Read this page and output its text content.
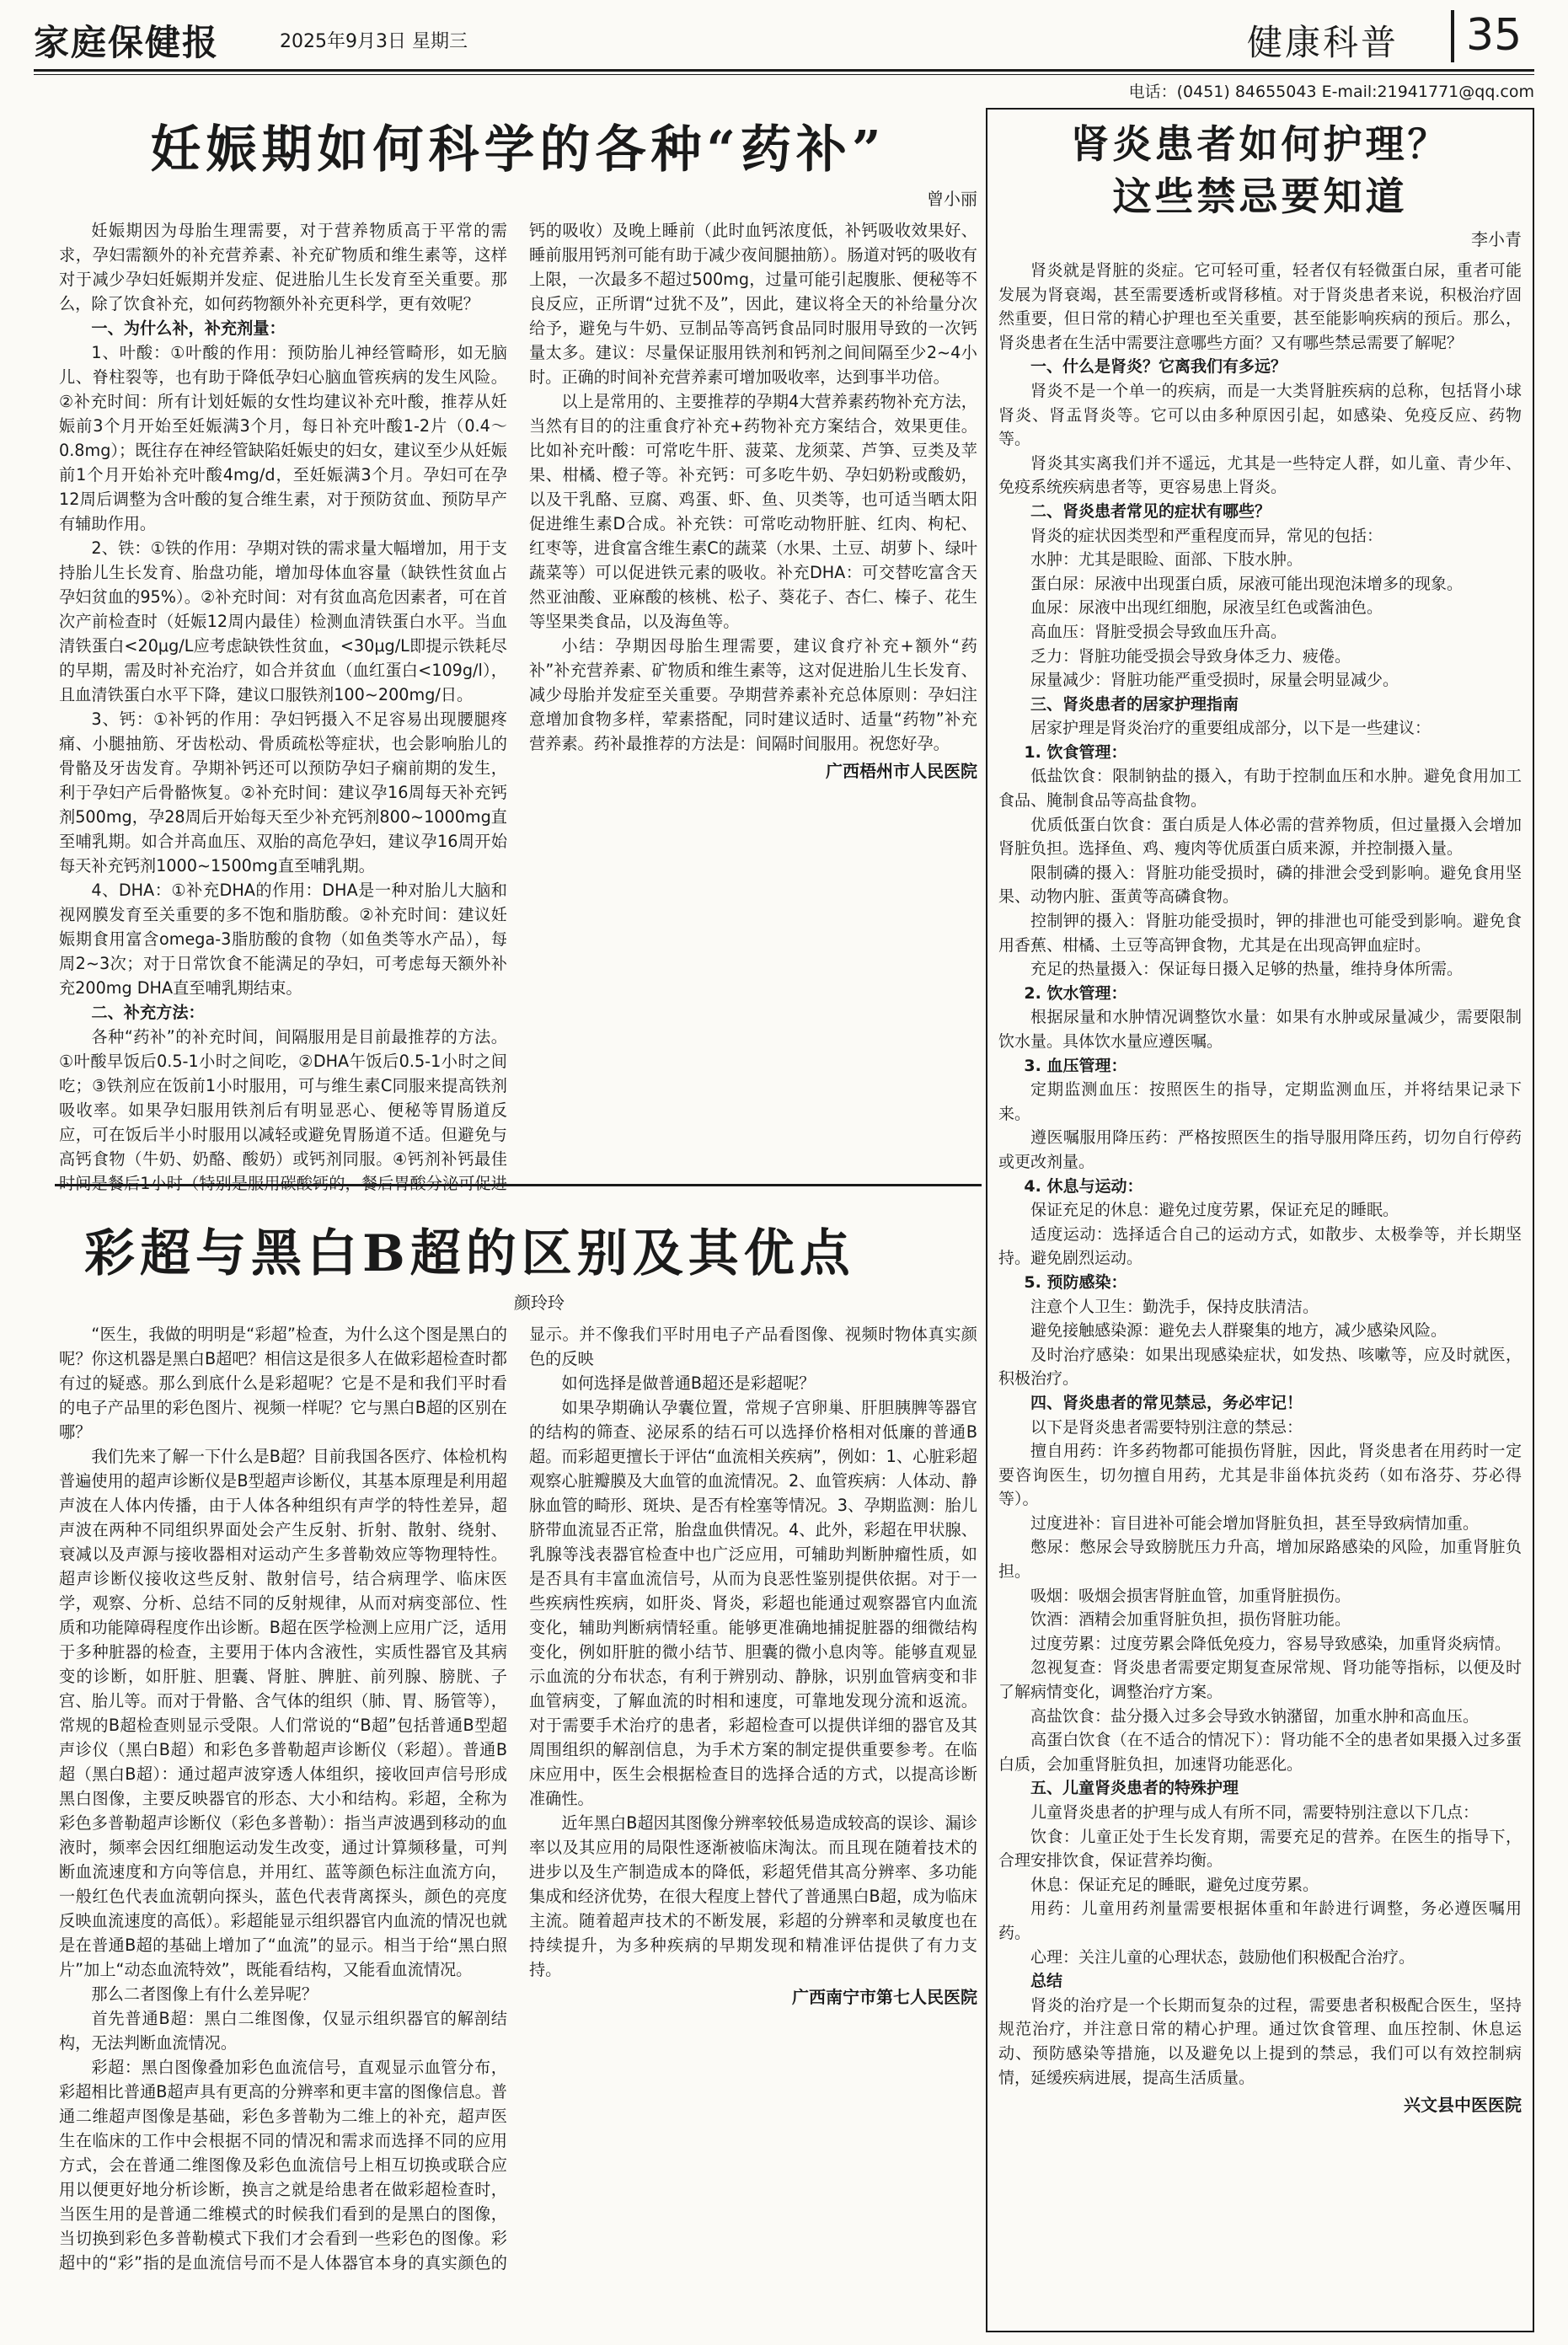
家庭保健报	2025年9月3日 星期三	健康科普 35
电话：(0451) 84655043 E-mail:21941771@qq.com
妊娠期如何科学的各种“药补”
曾小丽

妊娠期因为母胎生理需要，对于营养物质高于平常的需求，孕妇需额外的补充营养素、补充矿物质和维生素等，这样对于减少孕妇妊娠期并发症、促进胎儿生长发育至关重要。那么，除了饮食补充，如何药物额外补充更科学，更有效呢？

一、为什么补，补充剂量：

1、叶酸：①叶酸的作用：预防胎儿神经管畸形，如无脑儿、脊柱裂等，也有助于降低孕妇心脑血管疾病的发生风险。②补充时间：所有计划妊娠的女性均建议补充叶酸，推荐从妊娠前3个月开始至妊娠满3个月，每日补充叶酸1-2片（0.4～0.8mg）；既往存在神经管缺陷妊娠史的妇女，建议至少从妊娠前1个月开始补充叶酸4mg/d，至妊娠满3个月。孕妇可在孕12周后调整为含叶酸的复合维生素，对于预防贫血、预防早产有辅助作用。

2、铁：①铁的作用：孕期对铁的需求量大幅增加，用于支持胎儿生长发育、胎盘功能，增加母体血容量（缺铁性贫血占孕妇贫血的95%）。②补充时间：对有贫血高危因素者，可在首次产前检查时（妊娠12周内最佳）检测血清铁蛋白水平。当血清铁蛋白<20μg/L应考虑缺铁性贫血，<30μg/L即提示铁耗尽的早期，需及时补充治疗，如合并贫血（血红蛋白<109g/l），且血清铁蛋白水平下降，建议口服铁剂100~200mg/日。

3、钙：①补钙的作用：孕妇钙摄入不足容易出现腰腿疼痛、小腿抽筋、牙齿松动、骨质疏松等症状，也会影响胎儿的骨骼及牙齿发育。孕期补钙还可以预防孕妇子痫前期的发生，利于孕妇产后骨骼恢复。②补充时间：建议孕16周每天补充钙剂500mg，孕28周后开始每天至少补充钙剂800~1000mg直至哺乳期。如合并高血压、双胎的高危孕妇，建议孕16周开始每天补充钙剂1000~1500mg直至哺乳期。

4、DHA：①补充DHA的作用：DHA是一种对胎儿大脑和视网膜发育至关重要的多不饱和脂肪酸。②补充时间：建议妊娠期食用富含omega-3脂肪酸的食物（如鱼类等水产品），每周2~3次；对于日常饮食不能满足的孕妇，可考虑每天额外补充200mg DHA直至哺乳期结束。

二、补充方法：

各种“药补”的补充时间，间隔服用是目前最推荐的方法。①叶酸早饭后0.5-1小时之间吃，②DHA午饭后0.5-1小时之间吃；③铁剂应在饭前1小时服用，可与维生素C同服来提高铁剂吸收率。如果孕妇服用铁剂后有明显恶心、便秘等胃肠道反应，可在饭后半小时服用以减轻或避免胃肠道不适。但避免与高钙食物（牛奶、奶酪、酸奶）或钙剂同服。④钙剂补钙最佳 钙的吸收）及晚上睡前（此时血钙浓度低，补钙吸收效果好、睡前服用钙剂可能有助于减少夜间腿抽筋）。肠道对钙的吸收有上限，一次最多不超过500mg，过量可能引起腹胀、便秘等不良反应，正所谓“过犹不及”，因此，建议将全天的补给量分次给予，避免与牛奶、豆制品等高钙食品同时服用导致的一次钙量太多。建议：尽量保证服用铁剂和钙剂之间间隔至少2~4小时。正确的时间补充营养素可增加吸收率，达到事半功倍。

以上是常用的、主要推荐的孕期4大营养素药物补充方法，当然有目的的注重食疗补充+药物补充方案结合，效果更佳。比如补充叶酸：可常吃牛肝、菠菜、龙须菜、芦笋、豆类及苹果、柑橘、橙子等。补充钙：可多吃牛奶、孕妇奶粉或酸奶，以及干乳酪、豆腐、鸡蛋、虾、鱼、贝类等，也可适当晒太阳促进维生素D合成。补充铁：可常吃动物肝脏、红肉、枸杞、红枣等，进食富含维生素C的蔬菜（水果、土豆、胡萝卜、绿叶蔬菜等）可以促进铁元素的吸收。补充DHA：可交替吃富含天然亚油酸、亚麻酸的核桃、松子、葵花子、杏仁、榛子、花生等坚果类食品，以及海鱼等。

小结：孕期因母胎生理需要，建议食疗补充+额外“药补”补充营养素、矿物质和维生素等，这对促进胎儿生长发育、减少母胎并发症至关重要。孕期营养素补充总体原则：孕妇注意增加食物多样，荤素搭配，同时建议适时、适量“药物”补充营养素。药补最推荐的方法是：间隔时间服用。祝您好孕。

广西梧州市人民医院
彩超与黑白B超的区别及其优点
颜玲玲

“医生，我做的明明是“彩超”检查，为什么这个图是黑白的呢？你这机器是黑白B超吧？相信这是很多人在做彩超检查时都有过的疑惑。那么到底什么是彩超呢？它是不是和我们平时看的电子产品里的彩色图片、视频一样呢？它与黑白B超的区别在哪？

我们先来了解一下什么是B超？目前我国各医疗、体检机构普遍使用的超声诊断仪是B型超声诊断仪，其基本原理是利用超声波在人体内传播，由于人体各种组织有声学的特性差异，超声波在两种不同组织界面处会产生反射、折射、散射、绕射、衰减以及声源与接收器相对运动产生多普勒效应等物理特性。超声诊断仪接收这些反射、散射信号，结合病理学、临床医学，观察、分析、总结不同的反射规律，从而对病变部位、性质和功能障碍程度作出诊断。B超在医学检测上应用广泛，适用于多种脏器的检查，主要用于体内含液性，实质性器官及其病变的诊断，如肝脏、胆囊、肾脏、脾脏、前列腺、膀胱、子宫、胎儿等。而对于骨骼、含气体的组织（肺、胃、肠管等），常规的B超检查则显示受限。人们常说的“B超”包括普通B型超声诊仪（黑白B超）和彩色多普勒超声诊断仪（彩超）。普通B超（黑白B超）：通过超声波穿透人体组织，接收回声信号形成黑白图像，主要反映器官的形态、大小和结构。彩超，全称为彩色多普勒超声诊断仪（彩色多普勒）：指当声波遇到移动的血液时，频率会因红细胞运动发生改变，通过计算频移量，可判断血流速度和方向等信息，并用红、蓝等颜色标注血流方向，一般红色代表血流朝向探头，蓝色代表背离探头，颜色的亮度反映血流速度的高低）。彩超能显示组织器官内血流的情况也就是在普通B超的基础上增加了“血流”的显示。相当于给“黑白照片”加上“动态血流特效”，既能看结构，又能看血流情况。

那么二者图像上有什么差异呢？

首先普通B超：黑白二维图像，仅显示组织器官的解剖结构，无法判断血流情况。

彩超：黑白图像叠加彩色血流信号，直观显示血管分布，彩超相比普通B超声具有更高的分辨率和更丰富的图像信息。普通二维超声图像是基础，彩色多普勒为二维上的补充，超声医生在临床的工作中会根据不同的情况和需求而选择不同的应用方式，会在普通二维图像及彩色血流信号上相互切换或联合应用以便更好地分析诊断，换言之就是给患者在做彩超检查时，当医生用的是普通二维模式的时候我们看到的是黑白的图像，当切换到彩色多普勒模式下我们才会看到一些彩色的图像。彩超中的“彩”指的是血流信号而不是人体器官本身的真实颜色的显示。并不像我们平时用电子产品看图像、视频时物体真实颜色的反映

如何选择是做普通B超还是彩超呢？

如果孕期确认孕囊位置，常规子宫卵巢、肝胆胰脾等器官的结构的筛查、泌尿系的结石可以选择价格相对低廉的普通B超。而彩超更擅长于评估“血流相关疾病”，例如：1、心脏彩超观察心脏瓣膜及大血管的血流情况。2、血管疾病：人体动、静脉血管的畸形、斑块、是否有栓塞等情况。3、孕期监测：胎儿脐带血流显否正常，胎盘血供情况。4、此外，彩超在甲状腺、乳腺等浅表器官检查中也广泛应用，可辅助判断肿瘤性质，如是否具有丰富血流信号，从而为良恶性鉴别提供依据。对于一些疾病性疾病，如肝炎、肾炎，彩超也能通过观察器官内血流变化，辅助判断病情轻重。能够更准确地捕捉脏器的细微结构变化，例如肝脏的微小结节、胆囊的微小息肉等。能够直观显示血流的分布状态，有利于辨别动、静脉，识别血管病变和非血管病变，了解血流的时相和速度，可靠地发现分流和返流。对于需要手术治疗的患者，彩超检查可以提供详细的器官及其周围组织的解剖信息，为手术方案的制定提供重要参考。在临床应用中，医生会根据检查目的选择合适的方式，以提高诊断准确性。

近年黑白B超因其图像分辨率较低易造成较高的误诊、漏诊率以及其应用的局限性逐渐被临床淘汰。而且现在随着技术的进步以及生产制造成本的降低，彩超凭借其高分辨率、多功能集成和经济优势，在很大程度上替代了普通黑白B超，成为临床主流。随着超声技术的不断发展，彩超的分辨率和灵敏度也在持续提升，为多种疾病的早期发现和精准评估提供了有力支持。

广西南宁市第七人民医院
肾炎患者如何护理？
这些禁忌要知道
李小青

肾炎就是肾脏的炎症。它可轻可重，轻者仅有轻微蛋白尿，重者可能发展为肾衰竭，甚至需要透析或肾移植。对于肾炎患者来说，积极治疗固然重要，但日常的精心护理也至关重要，甚至能影响疾病的预后。那么，肾炎患者在生活中需要注意哪些方面？又有哪些禁忌需要了解呢？

一、什么是肾炎？它离我们有多远？

肾炎不是一个单一的疾病，而是一大类肾脏疾病的总称，包括肾小球肾炎、肾盂肾炎等。它可以由多种原因引起，如感染、免疫反应、药物等。

肾炎其实离我们并不遥远，尤其是一些特定人群，如儿童、青少年、免疫系统疾病患者等，更容易患上肾炎。

二、肾炎患者常见的症状有哪些？

肾炎的症状因类型和严重程度而异，常见的包括：

水肿：尤其是眼睑、面部、下肢水肿。

蛋白尿：尿液中出现蛋白质，尿液可能出现泡沫增多的现象。

血尿：尿液中出现红细胞，尿液呈红色或酱油色。

高血压：肾脏受损会导致血压升高。

乏力：肾脏功能受损会导致身体乏力、疲倦。

尿量减少：肾脏功能严重受损时，尿量会明显减少。

三、肾炎患者的居家护理指南

居家护理是肾炎治疗的重要组成部分，以下是一些建议：

1. 饮食管理：

低盐饮食：限制钠盐的摄入，有助于控制血压和水肿。避免食用加工食品、腌制食品等高盐食物。

优质低蛋白饮食：蛋白质是人体必需的营养物质，但过量摄入会增加肾脏负担。选择鱼、鸡、瘦肉等优质蛋白质来源，并控制摄入量。

限制磷的摄入：肾脏功能受损时，磷的排泄会受到影响。避免食用坚果、动物内脏、蛋黄等高磷食物。

控制钾的摄入：肾脏功能受损时，钾的排泄也可能受到影响。避免食用香蕉、柑橘、土豆等高钾食物，尤其是在出现高钾血症时。

充足的热量摄入：保证每日摄入足够的热量，维持身体所需。

2. 饮水管理：

根据尿量和水肿情况调整饮水量：如果有水肿或尿量减少，需要限制饮水量。具体饮水量应遵医嘱。

3. 血压管理：

定期监测血压：按照医生的指导，定期监测血压，并将结果记录下来。

遵医嘱服用降压药：严格按照医生的指导服用降压药，切勿自行停药或更改剂量。

4. 休息与运动：

保证充足的休息：避免过度劳累，保证充足的睡眠。

适度运动：选择适合自己的运动方式，如散步、太极拳等，并长期坚持。避免剧烈运动。

5. 预防感染：

注意个人卫生：勤洗手，保持皮肤清洁。

避免接触感染源：避免去人群聚集的地方，减少感染风险。

及时治疗感染：如果出现感染症状，如发热、咳嗽等，应及时就医，积极治疗。

四、肾炎患者的常见禁忌，务必牢记！

以下是肾炎患者需要特别注意的禁忌：

擅自用药：许多药物都可能损伤肾脏，因此，肾炎患者在用药时一定要咨询医生，切勿擅自用药，尤其是非甾体抗炎药（如布洛芬、芬必得等）。

过度进补：盲目进补可能会增加肾脏负担，甚至导致病情加重。

憋尿：憋尿会导致膀胱压力升高，增加尿路感染的风险，加重肾脏负担。

吸烟：吸烟会损害肾脏血管，加重肾脏损伤。

饮酒：酒精会加重肾脏负担，损伤肾脏功能。

过度劳累：过度劳累会降低免疫力，容易导致感染，加重肾炎病情。

忽视复查：肾炎患者需要定期复查尿常规、肾功能等指标，以便及时了解病情变化，调整治疗方案。

高盐饮食：盐分摄入过多会导致水钠潴留，加重水肿和高血压。

高蛋白饮食（在不适合的情况下）：肾功能不全的患者如果摄入过多蛋白质，会加重肾脏负担，加速肾功能恶化。

五、儿童肾炎患者的特殊护理

儿童肾炎患者的护理与成人有所不同，需要特别注意以下几点：

饮食：儿童正处于生长发育期，需要充足的营养。在医生的指导下，合理安排饮食，保证营养均衡。

休息：保证充足的睡眠，避免过度劳累。

用药：儿童用药剂量需要根据体重和年龄进行调整，务必遵医嘱用药。

心理：关注儿童的心理状态，鼓励他们积极配合治疗。

总结

肾炎的治疗是一个长期而复杂的过程，需要患者积极配合医生，坚持规范治疗，并注意日常的精心护理。通过饮食管理、血压控制、休息运动、预防感染等措施，以及避免以上提到的禁忌，我们可以有效控制病情，延缓疾病进展，提高生活质量。

兴文县中医医院
